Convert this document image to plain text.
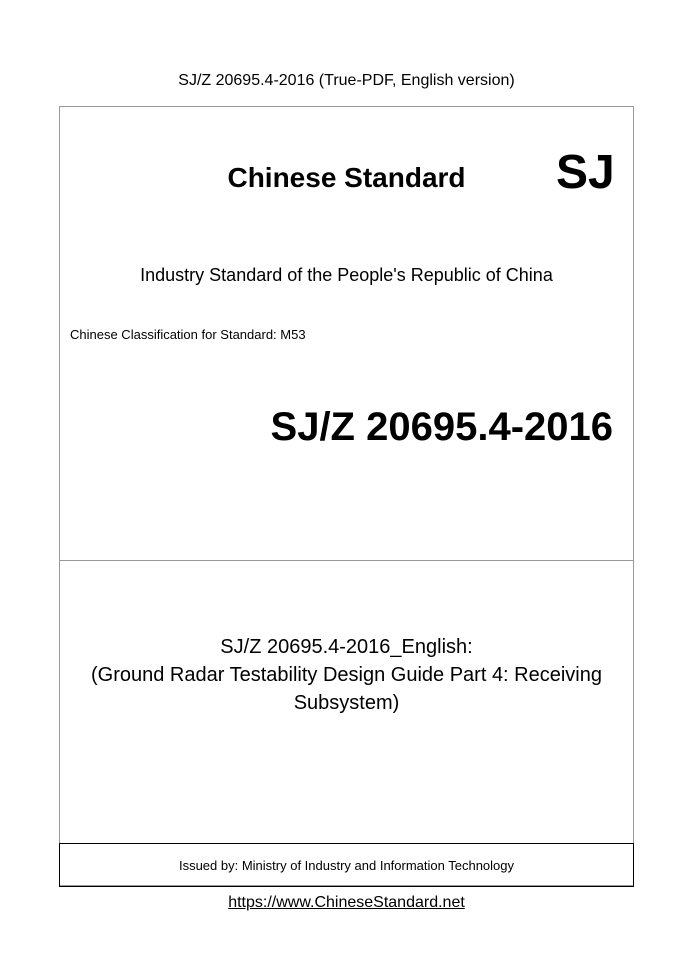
SJ/Z 20695.4-2016 (True-PDF, English version)
Chinese Standard	SJ
Industry Standard of the People's Republic of China
Chinese Classification for Standard: M53
SJ/Z 20695.4-2016
SJ/Z 20695.4-2016_English:
(Ground Radar Testability Design Guide Part 4: Receiving Subsystem)
Issued by: Ministry of Industry and Information Technology
https://www.ChineseStandard.net
